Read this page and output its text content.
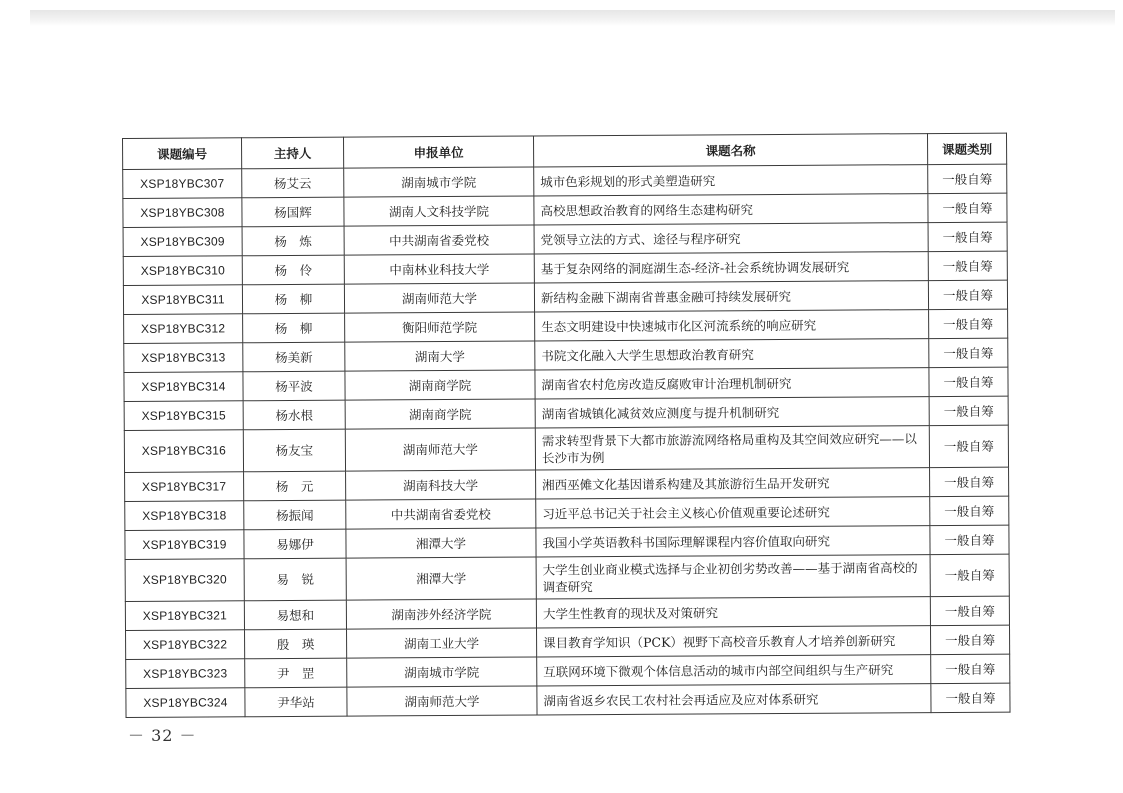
课题编号	主持人	申报单位	课题名称	课题类别
XSP18YBC307	杨艾云	湖南城市学院	城市色彩规划的形式美塑造研究	一般自筹
XSP18YBC308	杨国辉	湖南人文科技学院	高校思想政治教育的网络生态建构研究	一般自筹
XSP18YBC309	杨　炼	中共湖南省委党校	党领导立法的方式、途径与程序研究	一般自筹
XSP18YBC310	杨　伶	中南林业科技大学	基于复杂网络的洞庭湖生态-经济-社会系统协调发展研究	一般自筹
XSP18YBC311	杨　柳	湖南师范大学	新结构金融下湖南省普惠金融可持续发展研究	一般自筹
XSP18YBC312	杨　柳	衡阳师范学院	生态文明建设中快速城市化区河流系统的响应研究	一般自筹
XSP18YBC313	杨美新	湖南大学	书院文化融入大学生思想政治教育研究	一般自筹
XSP18YBC314	杨平波	湖南商学院	湖南省农村危房改造反腐败审计治理机制研究	一般自筹
XSP18YBC315	杨水根	湖南商学院	湖南省城镇化减贫效应测度与提升机制研究	一般自筹
XSP18YBC316	杨友宝	湖南师范大学	需求转型背景下大都市旅游流网络格局重构及其空间效应研究——以长沙市为例	一般自筹
XSP18YBC317	杨　元	湖南科技大学	湘西巫傩文化基因谱系构建及其旅游衍生品开发研究	一般自筹
XSP18YBC318	杨振闻	中共湖南省委党校	习近平总书记关于社会主义核心价值观重要论述研究	一般自筹
XSP18YBC319	易娜伊	湘潭大学	我国小学英语教科书国际理解课程内容价值取向研究	一般自筹
XSP18YBC320	易　锐	湘潭大学	大学生创业商业模式选择与企业初创劣势改善——基于湖南省高校的调查研究	一般自筹
XSP18YBC321	易想和	湖南涉外经济学院	大学生性教育的现状及对策研究	一般自筹
XSP18YBC322	殷　瑛	湖南工业大学	课目教育学知识（PCK）视野下高校音乐教育人才培养创新研究	一般自筹
XSP18YBC323	尹　罡	湖南城市学院	互联网环境下微观个体信息活动的城市内部空间组织与生产研究	一般自筹
XSP18YBC324	尹华站	湖南师范大学	湖南省返乡农民工农村社会再适应及应对体系研究	一般自筹
－ 32 －
